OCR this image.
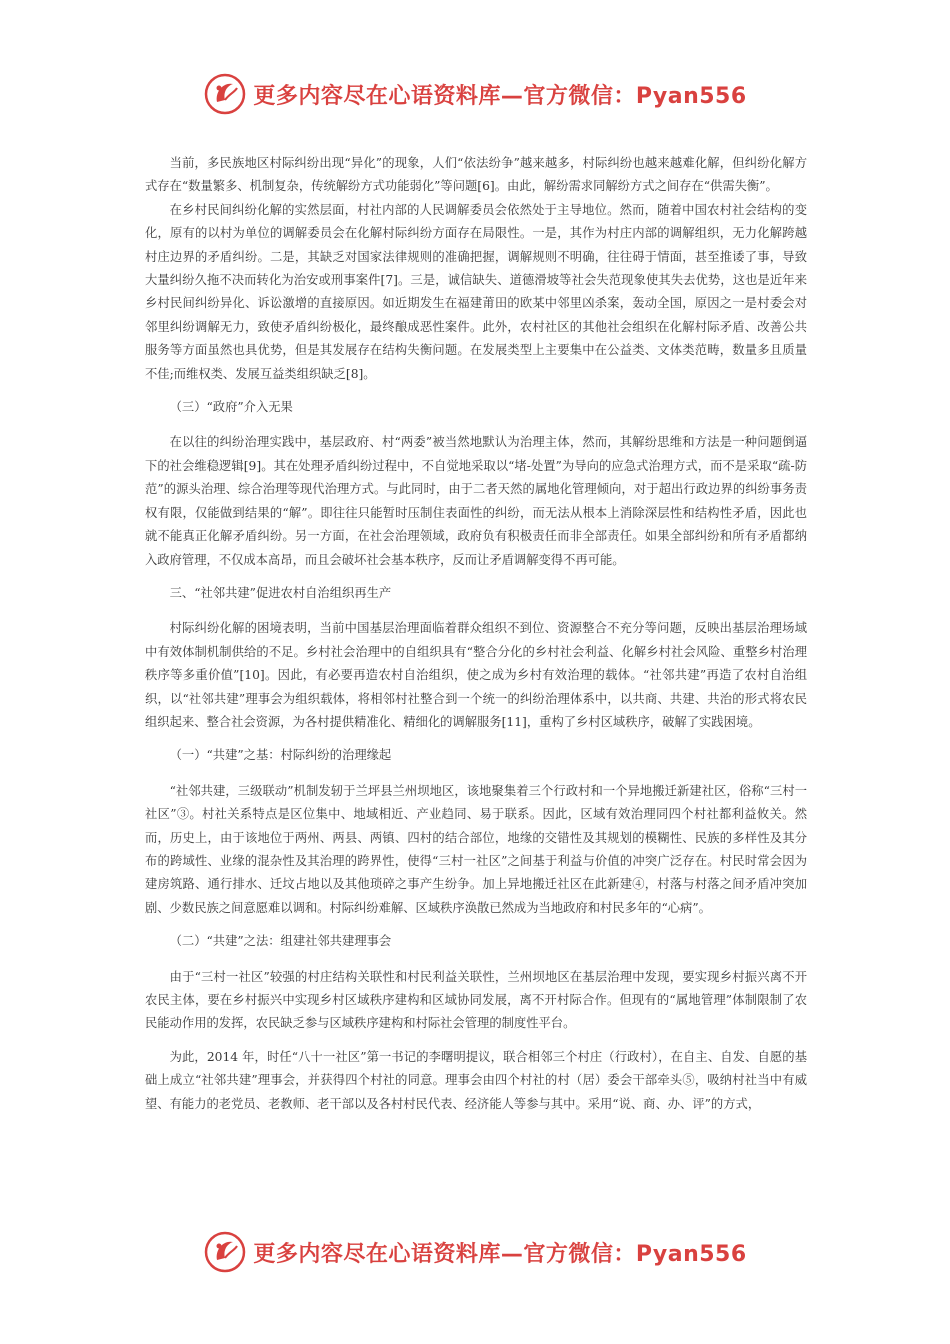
更多内容尽在心语资料库—官方微信：Pyan556

当前，多民族地区村际纠纷出现“异化”的现象，人们“依法纷争”越来越多，村际纠纷也越来越难化解，但纠纷化解方式存在“数量繁多、机制复杂，传统解纷方式功能弱化”等问题[6]。由此，解纷需求同解纷方式之间存在“供需失衡”。

在乡村民间纠纷化解的实然层面，村社内部的人民调解委员会依然处于主导地位。然而，随着中国农村社会结构的变化，原有的以村为单位的调解委员会在化解村际纠纷方面存在局限性。一是，其作为村庄内部的调解组织，无力化解跨越村庄边界的矛盾纠纷。二是，其缺乏对国家法律规则的准确把握，调解规则不明确，往往碍于情面，甚至推诿了事，导致大量纠纷久拖不决而转化为治安或刑事案件[7]。三是，诚信缺失、道德滑坡等社会失范现象使其失去优势，这也是近年来乡村民间纠纷异化、诉讼激增的直接原因。如近期发生在福建莆田的欧某中邻里凶杀案，轰动全国，原因之一是村委会对邻里纠纷调解无力，致使矛盾纠纷极化，最终酿成恶性案件。此外，农村社区的其他社会组织在化解村际矛盾、改善公共服务等方面虽然也具优势，但是其发展存在结构失衡问题。在发展类型上主要集中在公益类、文体类范畴，数量多且质量不佳;而维权类、发展互益类组织缺乏[8]。

（三）“政府”介入无果

在以往的纠纷治理实践中，基层政府、村“两委”被当然地默认为治理主体，然而，其解纷思维和方法是一种问题倒逼下的社会维稳逻辑[9]。其在处理矛盾纠纷过程中，不自觉地采取以“堵-处置”为导向的应急式治理方式，而不是采取“疏-防范”的源头治理、综合治理等现代治理方式。与此同时，由于二者天然的属地化管理倾向，对于超出行政边界的纠纷事务责权有限，仅能做到结果的“解”。即往往只能暂时压制住表面性的纠纷，而无法从根本上消除深层性和结构性矛盾，因此也就不能真正化解矛盾纠纷。另一方面，在社会治理领域，政府负有积极责任而非全部责任。如果全部纠纷和所有矛盾都纳入政府管理，不仅成本高昂，而且会破坏社会基本秩序，反而让矛盾调解变得不再可能。

三、“社邻共建”促进农村自治组织再生产

村际纠纷化解的困境表明，当前中国基层治理面临着群众组织不到位、资源整合不充分等问题，反映出基层治理场域中有效体制机制供给的不足。乡村社会治理中的自组织具有“整合分化的乡村社会利益、化解乡村社会风险、重整乡村治理秩序等多重价值”[10]。因此，有必要再造农村自治组织，使之成为乡村有效治理的载体。“社邻共建”再造了农村自治组织，以“社邻共建”理事会为组织载体，将相邻村社整合到一个统一的纠纷治理体系中，以共商、共建、共治的形式将农民组织起来、整合社会资源，为各村提供精准化、精细化的调解服务[11]，重构了乡村区域秩序，破解了实践困境。

（一）“共建”之基：村际纠纷的治理缘起

“社邻共建，三级联动”机制发轫于兰坪县兰州坝地区，该地聚集着三个行政村和一个异地搬迁新建社区，俗称“三村一社区”③。村社关系特点是区位集中、地域相近、产业趋同、易于联系。因此，区域有效治理同四个村社都利益攸关。然而，历史上，由于该地位于两州、两县、两镇、四村的结合部位，地缘的交错性及其规划的模糊性、民族的多样性及其分布的跨域性、业缘的混杂性及其治理的跨界性，使得“三村一社区”之间基于利益与价值的冲突广泛存在。村民时常会因为建房筑路、通行排水、迁坟占地以及其他琐碎之事产生纷争。加上异地搬迁社区在此新建④，村落与村落之间矛盾冲突加剧、少数民族之间意愿难以调和。村际纠纷难解、区域秩序涣散已然成为当地政府和村民多年的“心病”。

（二）“共建”之法：组建社邻共建理事会

由于“三村一社区”较强的村庄结构关联性和村民利益关联性，兰州坝地区在基层治理中发现，要实现乡村振兴离不开农民主体，要在乡村振兴中实现乡村区域秩序建构和区域协同发展，离不开村际合作。但现有的“属地管理”体制限制了农民能动作用的发挥，农民缺乏参与区域秩序建构和村际社会管理的制度性平台。

为此，2014 年，时任“八十一社区”第一书记的李曙明提议，联合相邻三个村庄（行政村），在自主、自发、自愿的基础上成立“社邻共建”理事会，并获得四个村社的同意。理事会由四个村社的村（居）委会干部牵头⑤，吸纳村社当中有威望、有能力的老党员、老教师、老干部以及各村村民代表、经济能人等参与其中。采用“说、商、办、评”的方式，

更多内容尽在心语资料库—官方微信：Pyan556
